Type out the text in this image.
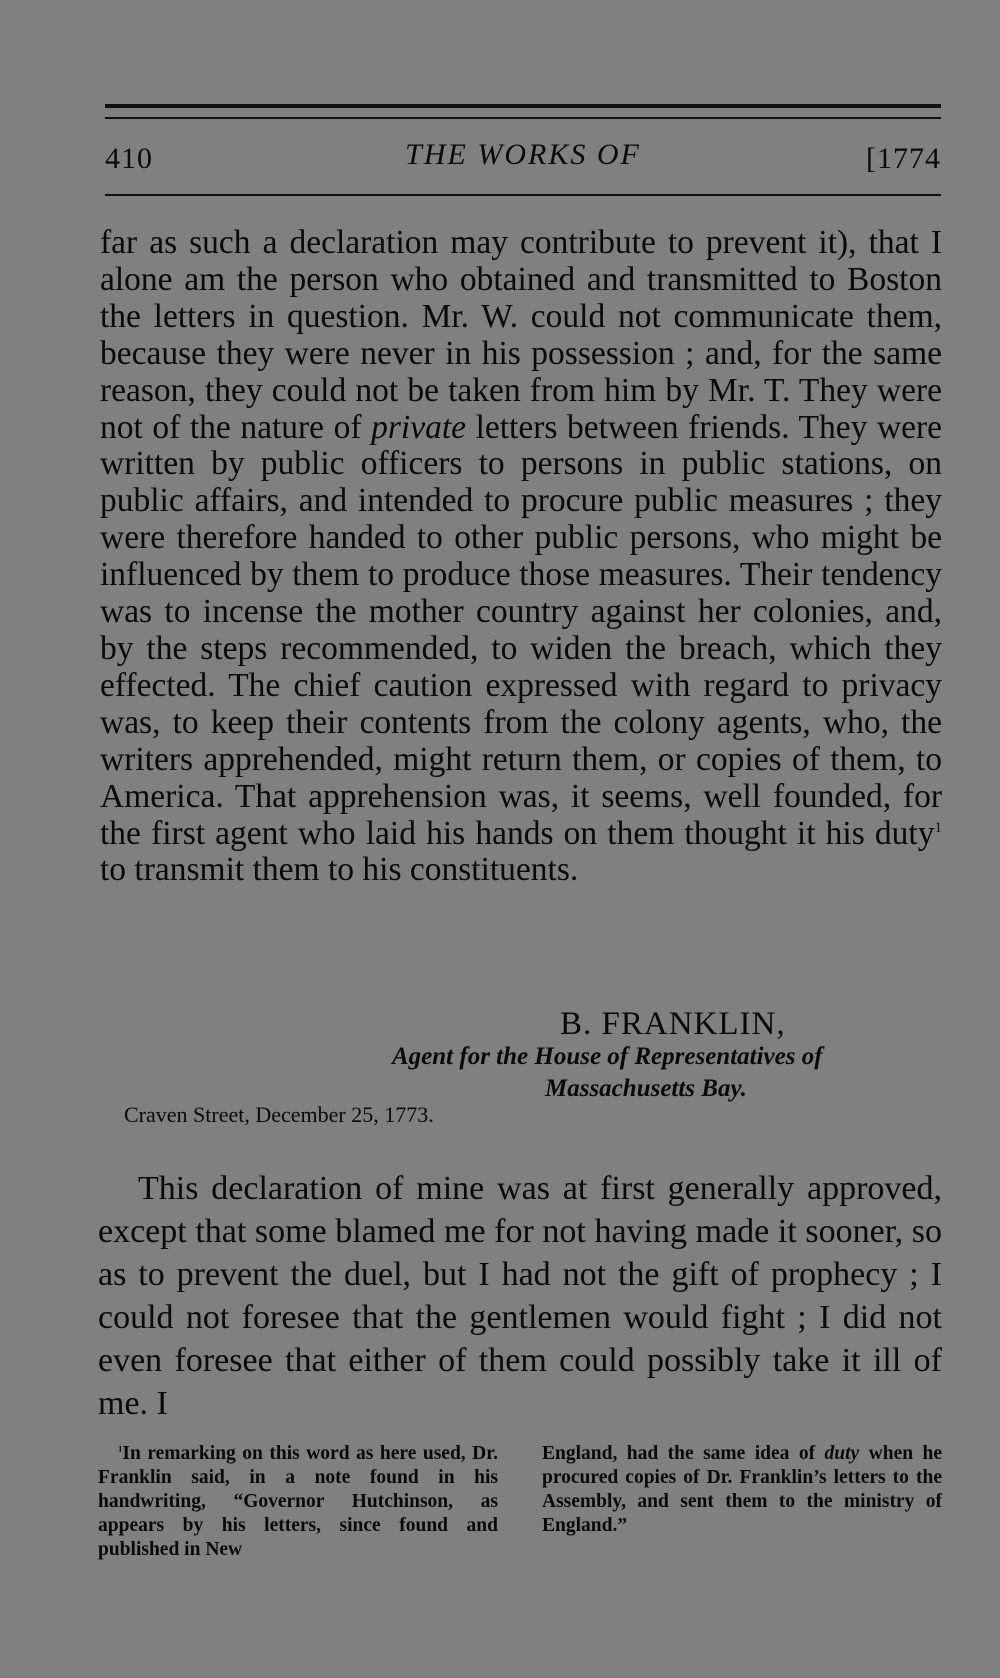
410	THE WORKS OF	[1774

far as such a declaration may contribute to prevent it), that I alone am the person who obtained and transmitted to Boston the letters in question. Mr. W. could not communicate them, because they were never in his possession ; and, for the same reason, they could not be taken from him by Mr. T. They were not of the nature of private letters between friends. They were written by public officers to persons in public stations, on public affairs, and intended to procure public measures ; they were therefore handed to other public persons, who might be influenced by them to produce those measures. Their tendency was to incense the mother country against her colonies, and, by the steps recommended, to widen the breach, which they effected. The chief caution expressed with regard to privacy was, to keep their contents from the colony agents, who, the writers apprehended, might return them, or copies of them, to America. That apprehension was, it seems, well founded, for the first agent who laid his hands on them thought it his duty$^1$ to transmit them to his constituents.

B. FRANKLIN,
Agent for the House of Representatives of
Massachusetts Bay.
Craven Street, December 25, 1773.

This declaration of mine was at first generally approved, except that some blamed me for not having made it sooner, so as to prevent the duel, but I had not the gift of prophecy ; I could not foresee that the gentlemen would fight ; I did not even foresee that either of them could possibly take it ill of me. I

$^1$In remarking on this word as here used, Dr. Franklin said, in a note found in his handwriting, “Governor Hutchinson, as appears by his letters, since found and published in New

England, had the same idea of duty when he procured copies of Dr. Franklin’s letters to the Assembly, and sent them to the ministry of England.”
